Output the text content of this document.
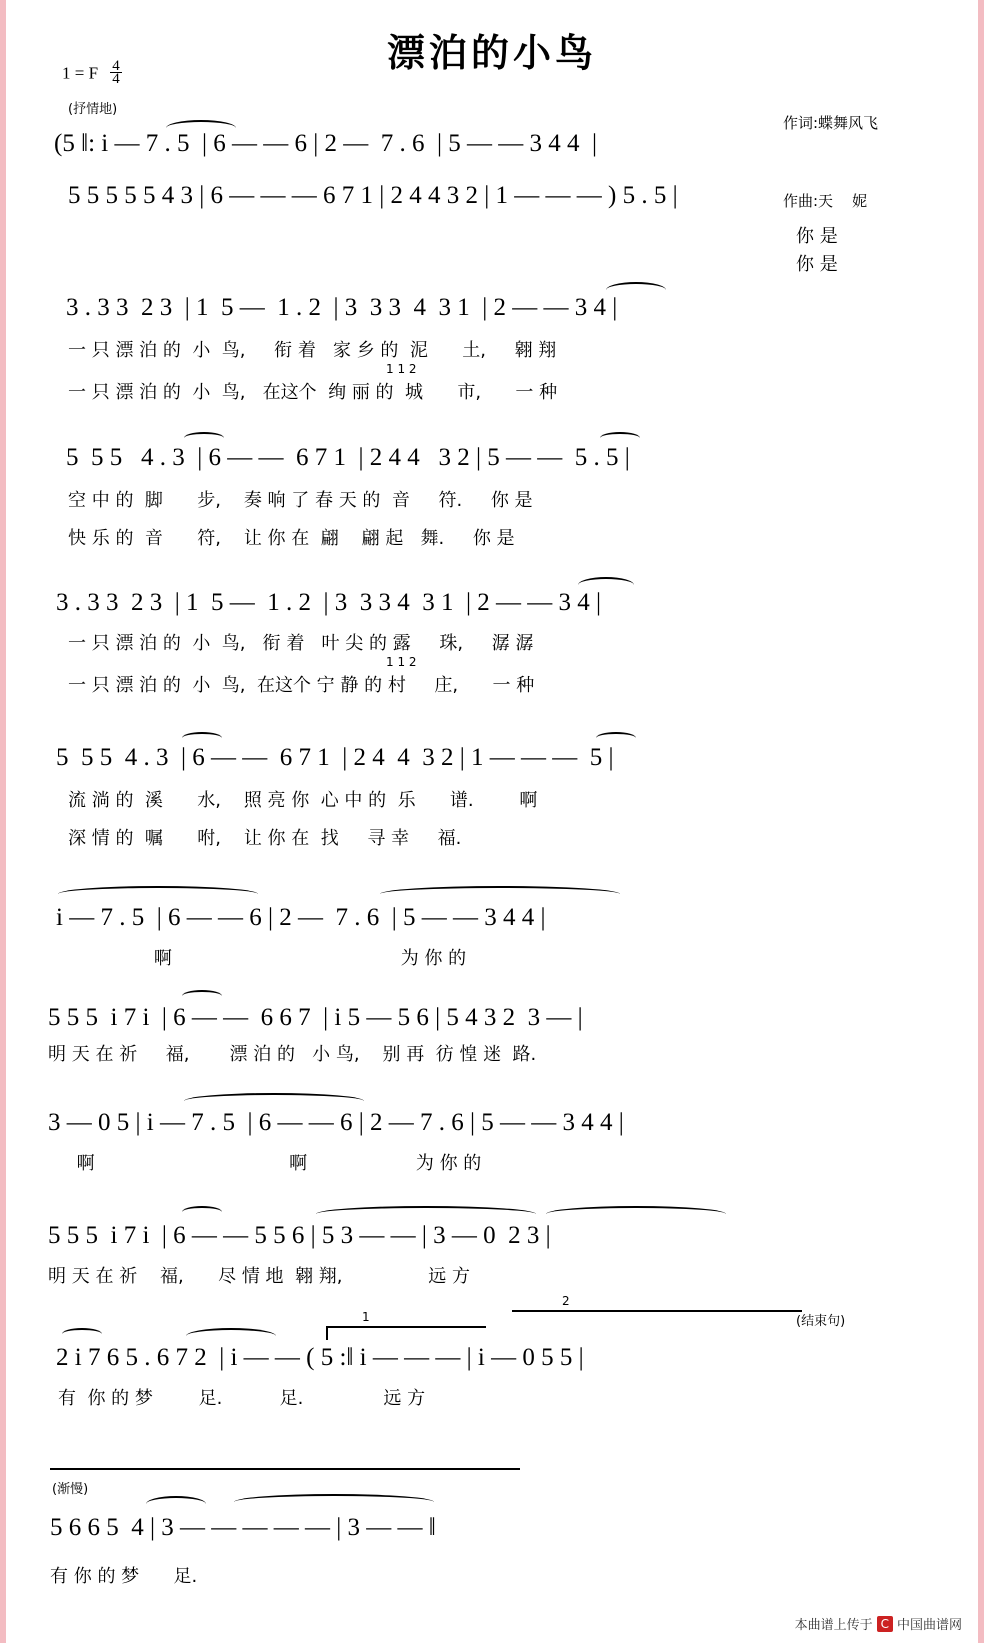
漂泊的小鸟

作词:蝶舞风飞

作曲:天    妮

1 = F $\frac{4}{4}$
(抒情地)
(5 ‖: i — 7 . 5  | 6 — — 6 | 2 —  7 . 6  | 5 — — 3 4 4  |
5 5 5 5 5 4 3 | 6 — — — 6 7 1 | 2 4 4 3 2 | 1 — — — ) 5 . 5 |
你 是
你 是
3 . 3 3  2 3  | 1  5 —  1 . 2  | 3  3 3  4  3 1  | 2 — — 3 4 |
一 只 漂 泊 的  小  鸟,     衔 着   家 乡 的  泥      土,     翱 翔
一 只 漂 泊 的  小  鸟,   在这个  绚 丽 的  城      市,      一 种
1 1 2
5  5 5   4 . 3  | 6 — —  6 7 1  | 2 4 4   3 2 | 5 — —  5 . 5 |
空 中 的  脚      步,    奏 响 了 春 天 的  音     符.     你 是
快 乐 的  音      符,    让 你 在  翩    翩 起   舞.     你 是
3 . 3 3  2 3  | 1  5 —  1 . 2  | 3  3 3 4  3 1  | 2 — — 3 4 |
一 只 漂 泊 的  小  鸟,   衔 着   叶 尖 的 露     珠,     潺 潺
一 只 漂 泊 的  小  鸟,  在这个 宁 静 的 村     庄,      一 种
1 1 2
5  5 5  4 . 3  | 6 — —  6 7 1  | 2 4  4  3 2 | 1 — — —  5 |
流 淌 的  溪      水,    照 亮 你  心 中 的  乐      谱.        啊
深 情 的  嘱      咐,    让 你 在  找     寻 幸     福.
i — 7 . 5  | 6 — — 6 | 2 —  7 . 6  | 5 — — 3 4 4 |
啊                                        为 你 的
5 5 5  i 7 i  | 6 — —  6 6 7  | i 5 — 5 6 | 5 4 3 2  3 — |
明 天 在 祈     福,       漂 泊 的   小 鸟,    别 再  彷 惶 迷  路.
3 — 0 5 | i — 7 . 5  | 6 — — 6 | 2 — 7 . 6 | 5 — — 3 4 4 |
啊                                  啊                   为 你 的
5 5 5  i 7 i  | 6 — — 5 5 6 | 5 3 — — | 3 — 0  2 3 |
明 天 在 祈    福,      尽 情 地  翱 翔,               远 方
1
2
(结束句)
2 i 7 6 5 . 6 7 2  | i — — ( 5 :‖ i — — — | i — 0 5 5 |
有  你 的 梦        足.          足.              远 方
(渐慢)
5 6 6 5  4 | 3 — — — — — | 3 — — ‖
有 你 的 梦      足.
本曲谱上传于 C 中国曲谱网
